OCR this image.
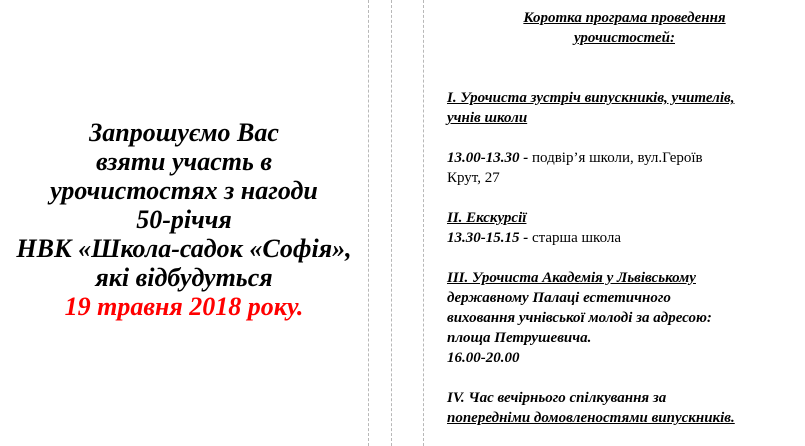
Запрошуємо Вас
взяти участь в
урочистостях з нагоди
50-річчя
НВК «Школа-садок «Софія»,
які відбудуться
19 травня 2018 року.

Коротка програма проведення

урочистостей:

I. Урочиста зустріч випускників, учителів,

учнів школи

13.00-13.30 - подвір’я школи, вул.Героїв

Крут, 27

II. Екскурсії

13.30-15.15 - старша школа

III. Урочиста Академія у Львівському

державному Палаці естетичного

виховання учнівської молоді за адресою:

площа Петрушевича.

16.00-20.00

IV. Час вечірнього спілкування за

попередніми домовленостями випускників.
